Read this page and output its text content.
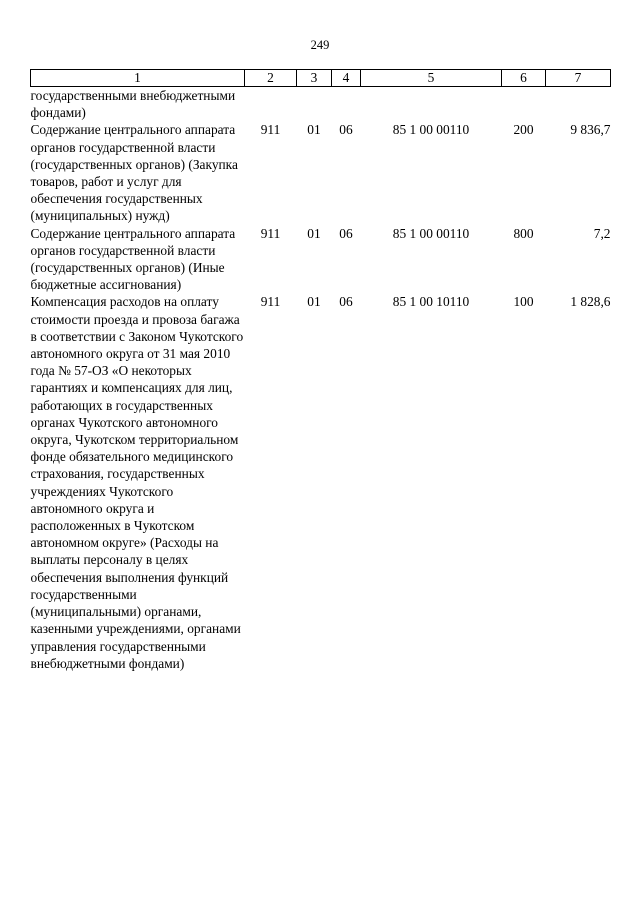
249
1	2	3	4	5	6	7
государственными внебюджетными фондами)						
Содержание центрального аппарата органов государственной власти (государственных органов) (Закупка товаров, работ и услуг для обеспечения государственных (муниципальных) нужд)	911	01	06	85 1 00 00110	200	9 836,7
Содержание центрального аппарата органов государственной власти (государственных органов) (Иные бюджетные ассигнования)	911	01	06	85 1 00 00110	800	7,2
Компенсация расходов на оплату стоимости проезда и провоза багажа в соответствии с Законом Чукотского автономного округа от 31 мая 2010 года № 57-ОЗ «О некоторых гарантиях и компенсациях для лиц, работающих в государственных органах Чукотского автономного округа, Чукотском территориальном фонде обязательного медицинского страхования, государственных учреждениях Чукотского автономного округа и расположенных в Чукотском автономном округе» (Расходы на выплаты персоналу в целях обеспечения выполнения функций государственными (муниципальными) органами, казенными учреждениями, органами управления государственными внебюджетными фондами)	911	01	06	85 1 00 10110	100	1 828,6
